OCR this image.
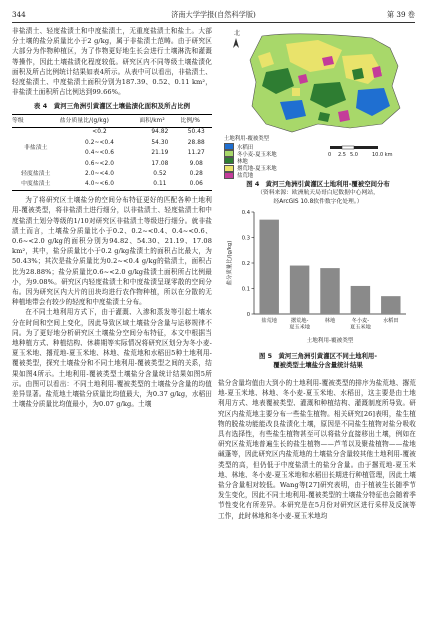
344	济南大学学报(自然科学版)	第 39 卷

非盐渍土、轻度盐渍土和中度盐渍土，无重度盐渍土和盐土。大部分土壤的盐分质量比小于2 g/kg，属于非盐渍土范畴。由于研究区大部分为作物种植区，为了作物更好地生长会进行土壤淋洗和灌溉等操作，因此土壤盐渍化程度较低。研究区内不同等级土壤盐渍化面积及所占比例统计结果如表4所示。从表中可以看出，非盐渍土、轻度盐渍土、中度盐渍土面积分别为187.39、0.52、0.11 km²，非盐渍土面积所占比例达到99.66%。

表 4　黄河三角洲引黄灌区土壤盐渍化面积及所占比例
等级	盐分质量比/(g/kg)	面积/km²	比例/%
非盐渍土	<0.2	94.82	50.43
	0.2~<0.4	54.30	28.88
	0.4~<0.6	21.19	11.27
	0.6~<2.0	17.08	9.08
轻度盐渍土	2.0~<4.0	0.52	0.28
中度盐渍土	4.0~<6.0	0.11	0.06

为了将研究区土壤盐分的空间分布特征更好的匹配各种土地利用-覆被类型，将非盐渍土进行细分，以非盐渍土、轻度盐渍土和中度盐渍土划分等级的1/10对研究区非盐渍土等级进行细分。就非盐渍土而言，土壤盐分质量比小于0.2、0.2~<0.4、0.4~<0.6、0.6~<2.0 g/kg的面积分别为94.82、54.30、21.19、17.08 km²，其中，盐分质量比小于0.2 g/kg盐渍土的面积占比最大，为50.43%；其次是盐分质量比为0.2~<0.4 g/kg的盐渍土，面积占比为28.88%；盐分质量比0.6~<2.0 g/kg盐渍土面积所占比例最小，为9.08%。研究区内轻度盐渍土和中度盐渍呈现零散的空间分布。因为研究区内大片的田块均进行农作物种植，所以在分散的无种植地带会有较少的轻度和中度盐渍土分布。

在不同土地利用方式下，由于灌溉、入渗和蒸发等引起土壤水分在时间和空间上变化，因此导致区域土壤盐分含量与运移规律不同。为了更好地分析研究区土壤盐分空间分布特征，本文中根据当地种植方式、种植结构、休耕期等实际情况将研究区划分为冬小麦-夏玉米地、撂荒地-夏玉米地、林地、盐荒地和水稻田5种土地利用-覆被类型，探究土壤盐分和不同土地利用-覆被类型之间的关系，结果如图4所示。土地利用-覆被类型土壤盐分含量统计结果如图5所示。由图可以看出：不同土地利用-覆被类型的土壤盐分含量的均值差异显著。盐荒地土壤盐分质量比均值最大，为0.37 g/kg，水稻田土壤盐分质量比均值最小，为0.07 g/kg。土壤

北
0 2.5 5.0	10.0 km
土地利用-覆被类型
水稻田
冬小麦-夏玉米地
林地
撂荒地-夏玉米地
盐荒地
图 4　黄河三角洲引黄灌区土地利用-覆被空间分布
（资料来源：欧洲航天局哥白尼数据中心网站，
经ArcGIS 10.8软件数字化处理。）
0
0.1
0.2
0.3
0.4
盐分质量比/(g/kg)
盐荒地	撂荒地-
夏玉米地
林地	冬小麦-
夏玉米地
水稻田
土地利用-覆被类型
图 5　黄河三角洲引黄灌区不同土地利用-
覆被类型土壤盐分含量统计结果

盐分含量均值由大到小的土地利用-覆被类型的排序为盐荒地、撂荒地-夏玉米地、林地、冬小麦-夏玉米地、水稻田，这主要是由土地利用方式、地表覆被类型、灌溉和种植结构、灌溉制度所导致。研究区内盐荒地主要分布一些盐生植物。相关研究[26]表明，盐生植物的脱盐功能能改良盐渍化土壤，原因是不同盐生植物对盐分吸收具有选择性，有些盐生植物甚至可以将盐分直接移出土壤，例如在研究区盐荒地普遍生长的盐生植物——芦苇以及聚盐植物——盐地碱蓬等，因此研究区内盐荒地的土壤盐分含量较其他土地利用-覆被类型的高，但仍低于中度盐渍土的盐分含量。由于撂荒地-夏玉米地、林地、冬小麦-夏玉米地和水稻田长期进行种植管理，因此土壤盐分含量相对较低。Wang等[27]研究表明，由于植被生长随季节发生变化，因此不同土地利用-覆被类型的土壤盐分特征也会随着季节性变化有所差异。本研究是在5月份对研究区进行采样及反演等工作，此时林地和冬小麦-夏玉米地均
